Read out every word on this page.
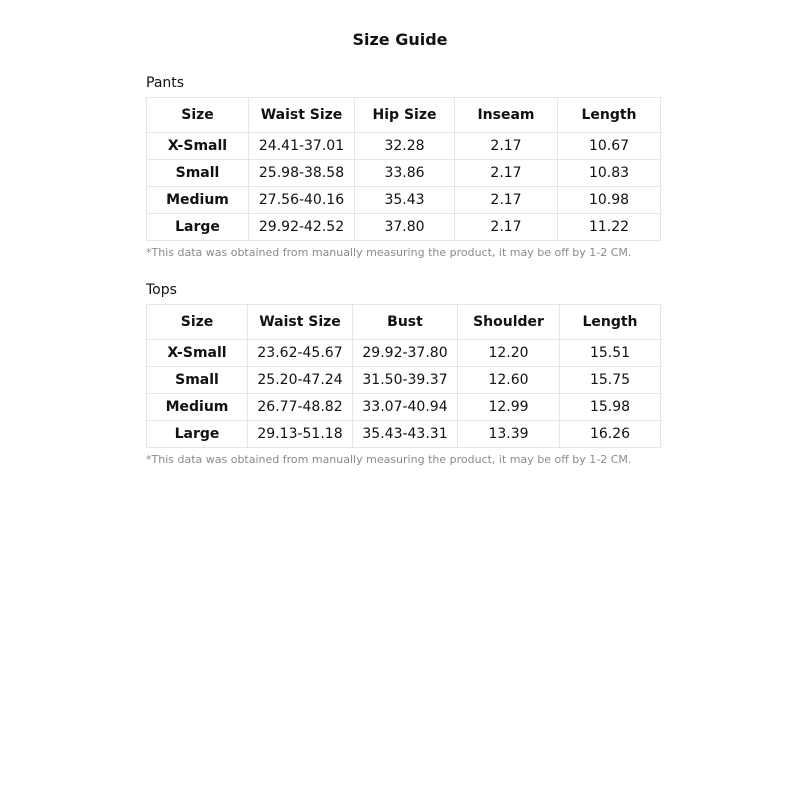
Size Guide
Pants
Size	Waist Size	Hip Size	Inseam	Length
X-Small	24.41-37.01	32.28	2.17	10.67
Small	25.98-38.58	33.86	2.17	10.83
Medium	27.56-40.16	35.43	2.17	10.98
Large	29.92-42.52	37.80	2.17	11.22
*This data was obtained from manually measuring the product, it may be off by 1-2 CM.
Tops
Size	Waist Size	Bust	Shoulder	Length
X-Small	23.62-45.67	29.92-37.80	12.20	15.51
Small	25.20-47.24	31.50-39.37	12.60	15.75
Medium	26.77-48.82	33.07-40.94	12.99	15.98
Large	29.13-51.18	35.43-43.31	13.39	16.26
*This data was obtained from manually measuring the product, it may be off by 1-2 CM.
